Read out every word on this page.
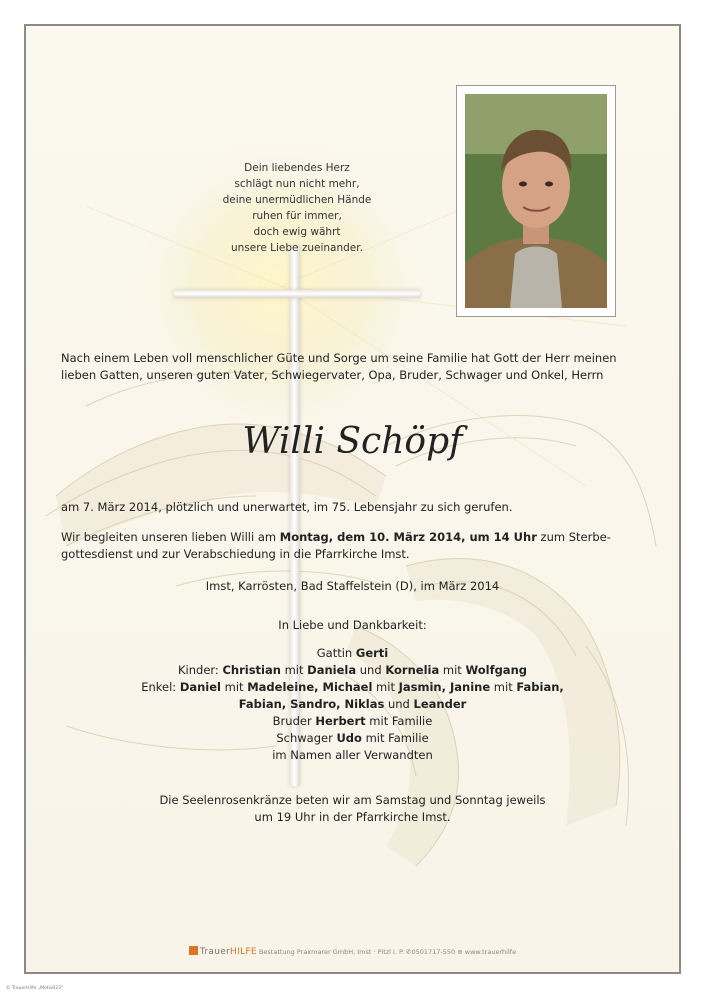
Dein liebendes Herz
schlägt nun nicht mehr,
deine unermüdlichen Hände
ruhen für immer,
doch ewig währt
unsere Liebe zueinander.
Nach einem Leben voll menschlicher Güte und Sorge um seine Familie hat Gott der Herr meinen
lieben Gatten, unseren guten Vater, Schwiegervater, Opa, Bruder, Schwager und Onkel, Herrn
Willi Schöpf
am 7. März 2014, plötzlich und unerwartet, im 75. Lebensjahr zu sich gerufen.
Wir begleiten unseren lieben Willi am Montag, dem 10. März 2014, um 14 Uhr zum Sterbe-
gottesdienst und zur Verabschiedung in die Pfarrkirche Imst.
Imst, Karrösten, Bad Staffelstein (D), im März 2014
In Liebe und Dankbarkeit:
Gattin Gerti
Kinder: Christian mit Daniela und Kornelia mit Wolfgang
Enkel: Daniel mit Madeleine, Michael mit Jasmin, Janine mit Fabian,
Fabian, Sandro, Niklas und Leander
Bruder Herbert mit Familie
Schwager Udo mit Familie
im Namen aller Verwandten
Die Seelenrosenkränze beten wir am Samstag und Sonntag jeweils
um 19 Uhr in der Pfarrkirche Imst.
TrauerHILFE Bestattung Praxmarer GmbH, Imst · Pitzl i. P. ✆0501717-550 ⊕ www.trauerhilfe
© TrauerHilfe „Motiv023“
